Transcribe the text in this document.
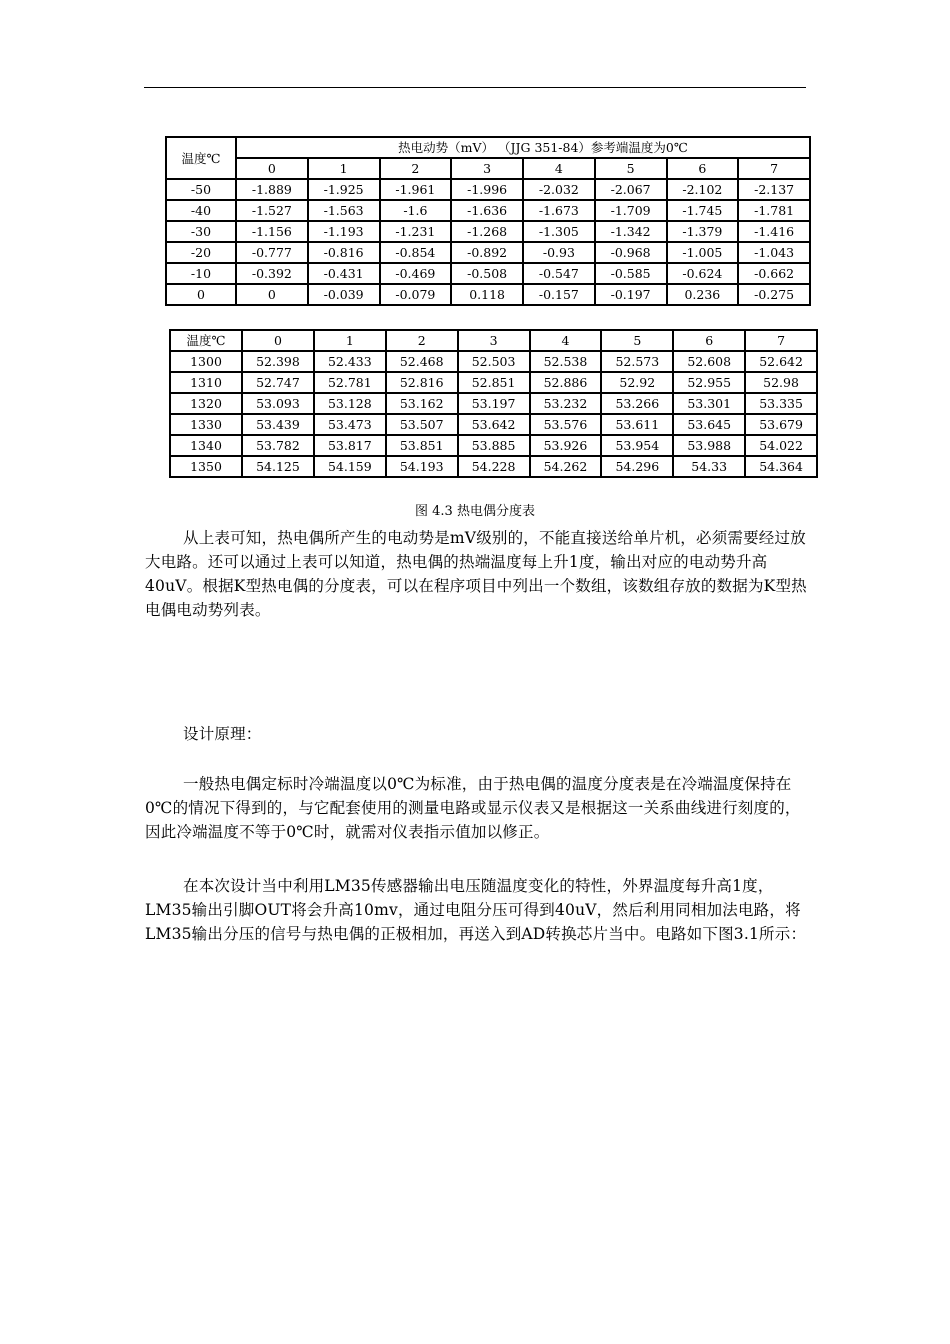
温度℃	热电动势（mV） （JJG 351-84）参考端温度为0℃							
	0	1	2	3	4	5	6	7
-50	-1.889	-1.925	-1.961	-1.996	-2.032	-2.067	-2.102	-2.137
-40	-1.527	-1.563	-1.6	-1.636	-1.673	-1.709	-1.745	-1.781
-30	-1.156	-1.193	-1.231	-1.268	-1.305	-1.342	-1.379	-1.416
-20	-0.777	-0.816	-0.854	-0.892	-0.93	-0.968	-1.005	-1.043
-10	-0.392	-0.431	-0.469	-0.508	-0.547	-0.585	-0.624	-0.662
0	0	-0.039	-0.079	0.118	-0.157	-0.197	0.236	-0.275
温度℃	0	1	2	3	4	5	6	7
1300	52.398	52.433	52.468	52.503	52.538	52.573	52.608	52.642
1310	52.747	52.781	52.816	52.851	52.886	52.92	52.955	52.98
1320	53.093	53.128	53.162	53.197	53.232	53.266	53.301	53.335
1330	53.439	53.473	53.507	53.642	53.576	53.611	53.645	53.679
1340	53.782	53.817	53.851	53.885	53.926	53.954	53.988	54.022
1350	54.125	54.159	54.193	54.228	54.262	54.296	54.33	54.364
图 4.3 热电偶分度表

从上表可知，热电偶所产生的电动势是mV级别的，不能直接送给单片机，必须需要经过放大电路。还可以通过上表可以知道，热电偶的热端温度每上升1度，输出对应的电动势升高40uV。根据K型热电偶的分度表，可以在程序项目中列出一个数组，该数组存放的数据为K型热电偶电动势列表。

设计原理：

一般热电偶定标时冷端温度以0℃为标准，由于热电偶的温度分度表是在冷端温度保持在0℃的情况下得到的，与它配套使用的测量电路或显示仪表又是根据这一关系曲线进行刻度的，因此冷端温度不等于0℃时，就需对仪表指示值加以修正。

在本次设计当中利用LM35传感器输出电压随温度变化的特性，外界温度每升高1度，LM35输出引脚OUT将会升高10mv，通过电阻分压可得到40uV，然后利用同相加法电路，将LM35输出分压的信号与热电偶的正极相加，再送入到AD转换芯片当中。电路如下图3.1所示：
